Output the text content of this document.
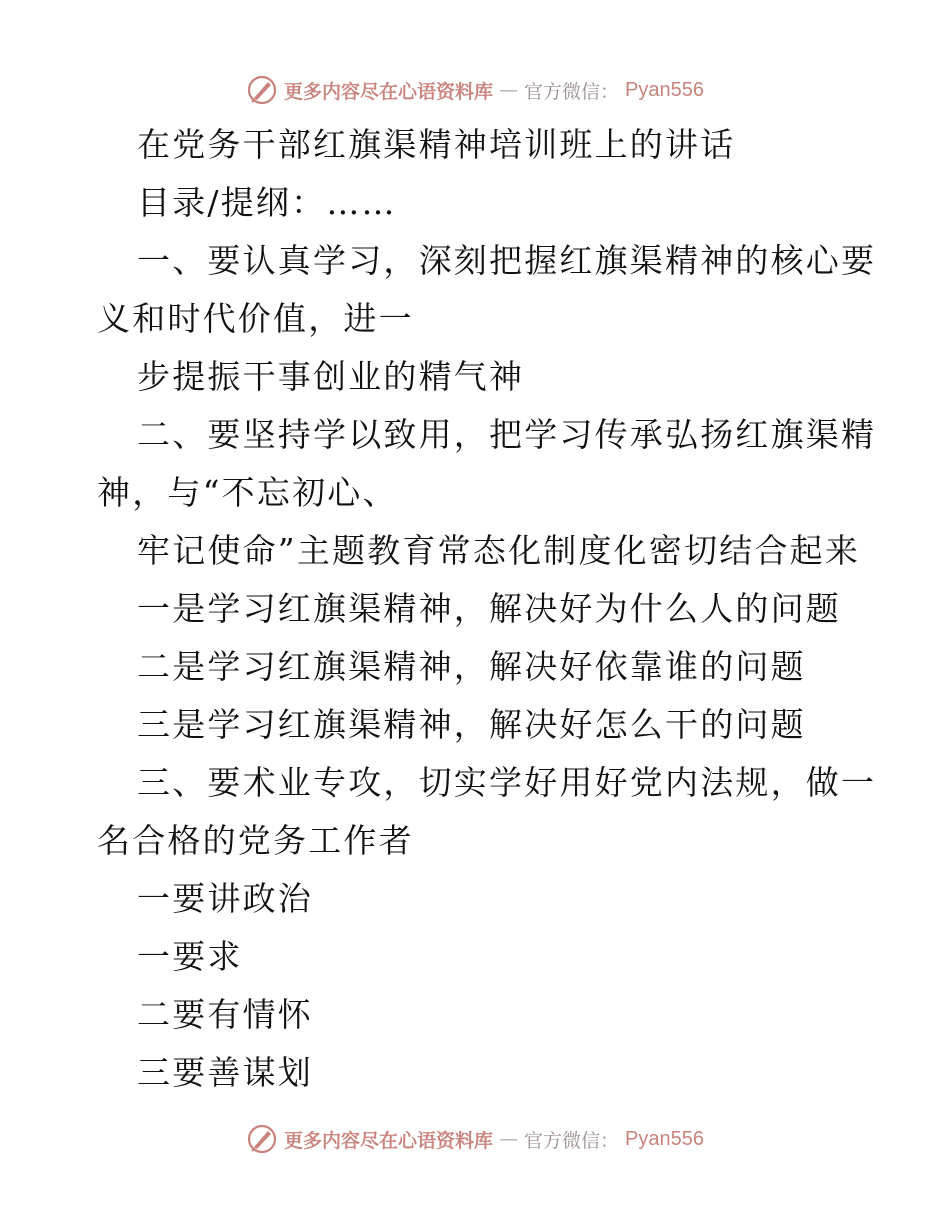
更多内容尽在心语资料库 — 官方微信： Pyan556
在党务干部红旗渠精神培训班上的讲话
目录/提纲：……
一、要认真学习，深刻把握红旗渠精神的核心要
义和时代价值，进一
步提振干事创业的精气神
二、要坚持学以致用，把学习传承弘扬红旗渠精
神，与“不忘初心、
牢记使命”主题教育常态化制度化密切结合起来
一是学习红旗渠精神，解决好为什么人的问题
二是学习红旗渠精神，解决好依靠谁的问题
三是学习红旗渠精神，解决好怎么干的问题
三、要术业专攻，切实学好用好党内法规，做一
名合格的党务工作者
一要讲政治
一要求
二要有情怀
三要善谋划
更多内容尽在心语资料库 — 官方微信： Pyan556
